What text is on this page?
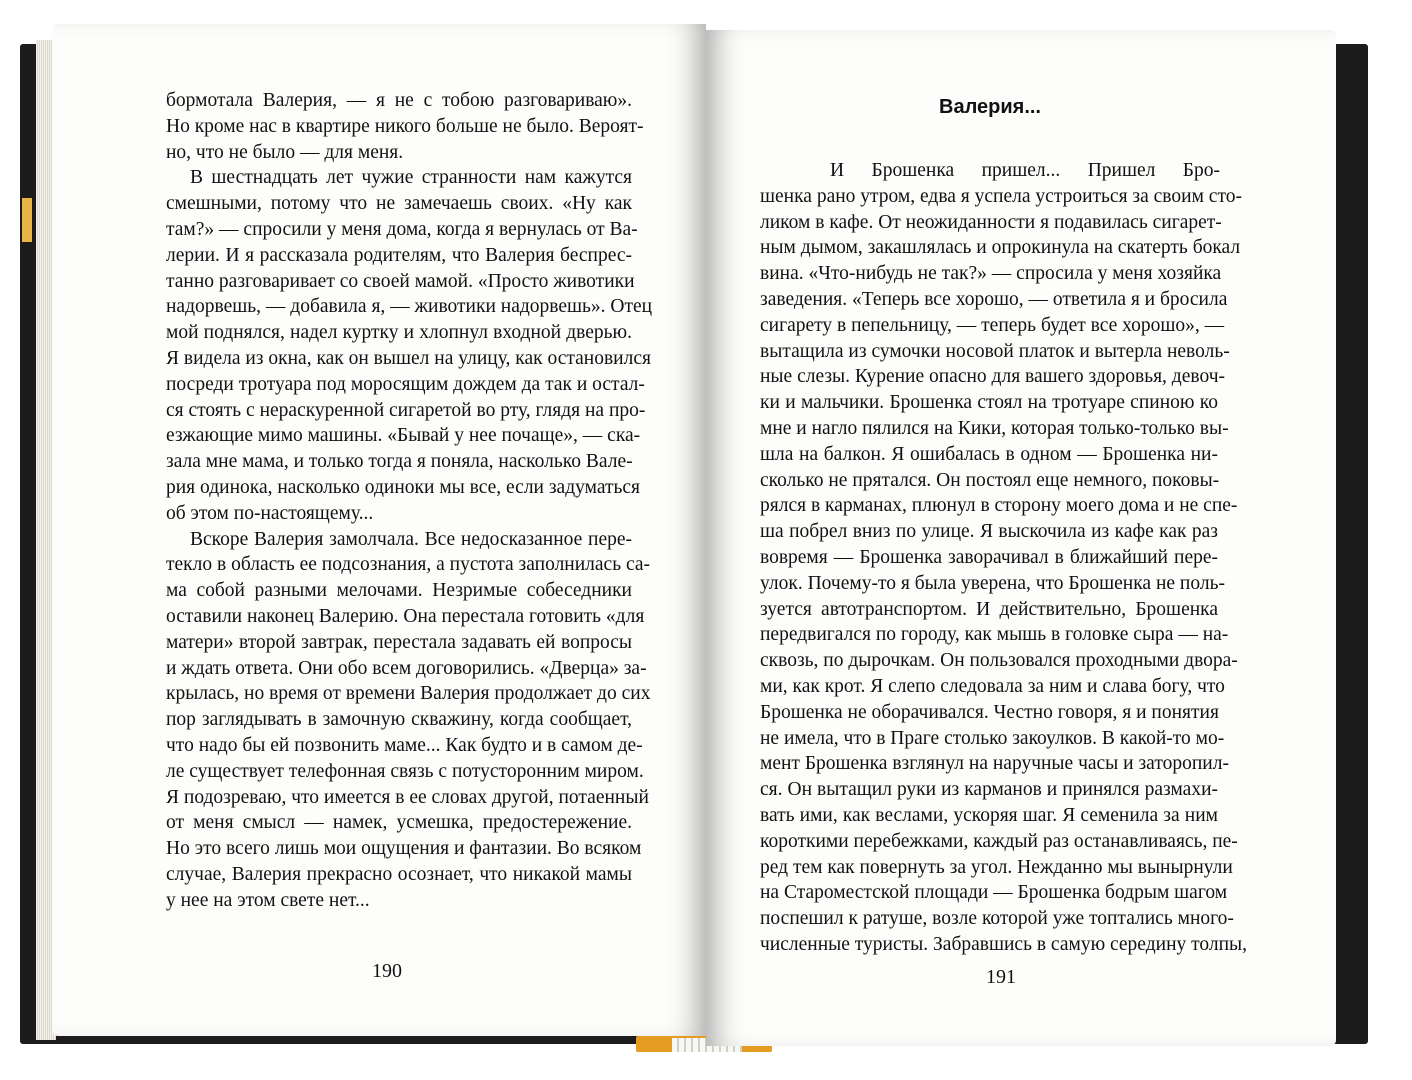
бормотала Валерия, — я не с тобою разговариваю».
Но кроме нас в квартире никого больше не было. Вероят-
но, что не было — для меня.
В шестнадцать лет чужие странности нам кажутся
смешными, потому что не замечаешь своих. «Ну как
там?» — спросили у меня дома, когда я вернулась от Ва-
лерии. И я рассказала родителям, что Валерия беспрес-
танно разговаривает со своей мамой. «Просто животики
надорвешь, — добавила я, — животики надорвешь». Отец
мой поднялся, надел куртку и хлопнул входной дверью.
Я видела из окна, как он вышел на улицу, как остановился
посреди тротуара под моросящим дождем да так и остал-
ся стоять с нераскуренной сигаретой во рту, глядя на про-
езжающие мимо машины. «Бывай у нее почаще», — ска-
зала мне мама, и только тогда я поняла, насколько Вале-
рия одинока, насколько одиноки мы все, если задуматься
об этом по-настоящему...
Вскоре Валерия замолчала. Все недосказанное пере-
текло в область ее подсознания, а пустота заполнилась са-
ма собой разными мелочами. Незримые собеседники
оставили наконец Валерию. Она перестала готовить «для
матери» второй завтрак, перестала задавать ей вопросы
и ждать ответа. Они обо всем договорились. «Дверца» за-
крылась, но время от времени Валерия продолжает до сих
пор заглядывать в замочную скважину, когда сообщает,
что надо бы ей позвонить маме... Как будто и в самом де-
ле существует телефонная связь с потусторонним миром.
Я подозреваю, что имеется в ее словах другой, потаенный
от меня смысл — намек, усмешка, предостережение.
Но это всего лишь мои ощущения и фантазии. Во всяком
случае, Валерия прекрасно осознает, что никакой мамы
у нее на этом свете нет...
Валерия...
И Брошенка пришел... Пришел Бро-
шенка рано утром, едва я успела устроиться за своим сто-
ликом в кафе. От неожиданности я подавилась сигарет-
ным дымом, закашлялась и опрокинула на скатерть бокал
вина. «Что-нибудь не так?» — спросила у меня хозяйка
заведения. «Теперь все хорошо, — ответила я и бросила
сигарету в пепельницу, — теперь будет все хорошо», —
вытащила из сумочки носовой платок и вытерла неволь-
ные слезы. Курение опасно для вашего здоровья, девоч-
ки и мальчики. Брошенка стоял на тротуаре спиною ко
мне и нагло пялился на Кики, которая только-только вы-
шла на балкон. Я ошибалась в одном — Брошенка ни-
сколько не прятался. Он постоял еще немного, поковы-
рялся в карманах, плюнул в сторону моего дома и не спе-
ша побрел вниз по улице. Я выскочила из кафе как раз
вовремя — Брошенка заворачивал в ближайший пере-
улок. Почему-то я была уверена, что Брошенка не поль-
зуется автотранспортом. И действительно, Брошенка
передвигался по городу, как мышь в головке сыра — на-
сквозь, по дырочкам. Он пользовался проходными двора-
ми, как крот. Я слепо следовала за ним и слава богу, что
Брошенка не оборачивался. Честно говоря, я и понятия
не имела, что в Праге столько закоулков. В какой-то мо-
мент Брошенка взглянул на наручные часы и заторопил-
ся. Он вытащил руки из карманов и принялся размахи-
вать ими, как веслами, ускоряя шаг. Я семенила за ним
короткими перебежками, каждый раз останавливаясь, пе-
ред тем как повернуть за угол. Нежданно мы вынырнули
на Староместской площади — Брошенка бодрым шагом
поспешил к ратуше, возле которой уже топтались много-
численные туристы. Забравшись в самую середину толпы,
190	191
